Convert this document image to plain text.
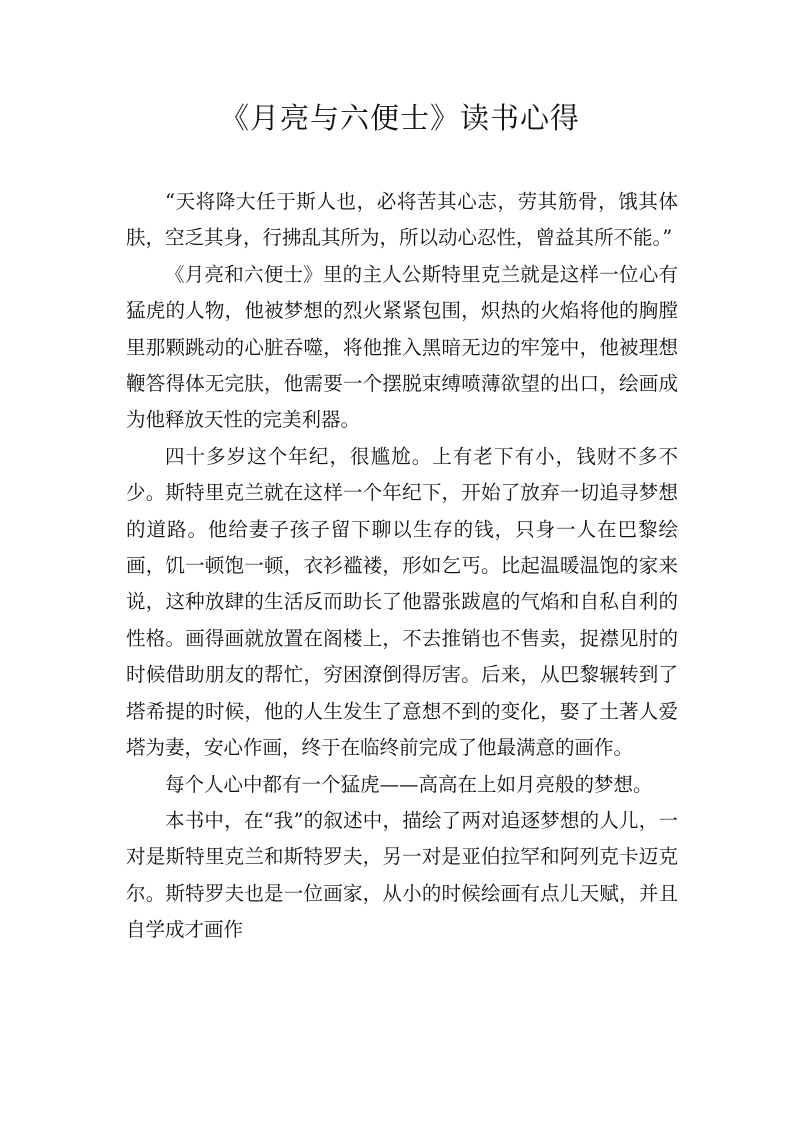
《月亮与六便士》读书心得

“天将降大任于斯人也，必将苦其心志，劳其筋骨，饿其体肤，空乏其身，行拂乱其所为，所以动心忍性，曾益其所不能。”

《月亮和六便士》里的主人公斯特里克兰就是这样一位心有猛虎的人物，他被梦想的烈火紧紧包围，炽热的火焰将他的胸膛里那颗跳动的心脏吞噬，将他推入黑暗无边的牢笼中，他被理想鞭答得体无完肤，他需要一个摆脱束缚喷薄欲望的出口，绘画成为他释放天性的完美利器。

四十多岁这个年纪，很尴尬。上有老下有小，钱财不多不少。斯特里克兰就在这样一个年纪下，开始了放弃一切追寻梦想的道路。他给妻子孩子留下聊以生存的钱，只身一人在巴黎绘画，饥一顿饱一顿，衣衫褴褛，形如乞丐。比起温暖温饱的家来说，这种放肆的生活反而助长了他嚣张跋扈的气焰和自私自利的性格。画得画就放置在阁楼上，不去推销也不售卖，捉襟见肘的时候借助朋友的帮忙，穷困潦倒得厉害。后来，从巴黎辗转到了塔希提的时候，他的人生发生了意想不到的变化，娶了土著人爱塔为妻，安心作画，终于在临终前完成了他最满意的画作。

每个人心中都有一个猛虎——高高在上如月亮般的梦想。

本书中，在“我”的叙述中，描绘了两对追逐梦想的人儿，一对是斯特里克兰和斯特罗夫，另一对是亚伯拉罕和阿列克卡迈克尔。斯特罗夫也是一位画家，从小的时候绘画有点儿天赋，并且自学成才画作
